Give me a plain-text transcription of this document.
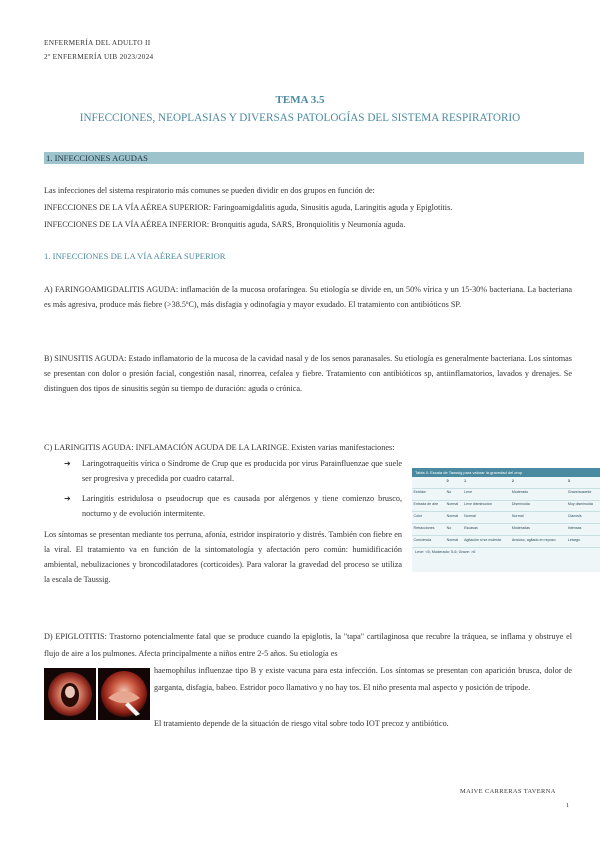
ENFERMERÍA DEL ADULTO II
2º ENFERMERÍA UIB 2023/2024
TEMA 3.5
INFECCIONES, NEOPLASIAS Y DIVERSAS PATOLOGÍAS DEL SISTEMA RESPIRATORIO
1. INFECCIONES AGUDAS
Las infecciones del sistema respiratorio más comunes se pueden dividir en dos grupos en función de:
INFECCIONES DE LA VÍA AÉREA SUPERIOR: Faringoamigdalitis aguda, Sinusitis aguda, Laringitis aguda y Epiglotitis.
INFECCIONES DE LA VÍA AÉREA INFERIOR: Bronquitis aguda, SARS, Bronquiolitis y Neumonía aguda.
1. INFECCIONES DE LA VÍA AÉREA SUPERIOR
A) FARINGOAMIGDALITIS AGUDA: inflamación de la mucosa orofaríngea. Su etiología se divide en, un 50% vírica y un 15-30% bacteriana. La bacteriana es más agresiva, produce más fiebre (>38.5ºC), más disfagia y odinofagia y mayor exudado. El tratamiento con antibióticos SP.
B) SINUSITIS AGUDA: Estado inflamatorio de la mucosa de la cavidad nasal y de los senos paranasales. Su etiología es generalmente bacteriana. Los síntomas se presentan con dolor o presión facial, congestión nasal, rinorrea, cefalea y fiebre. Tratamiento con antibióticos sp, antiinflamatorios, lavados y drenajes. Se distinguen dos tipos de sinusitis según su tiempo de duración: aguda o crónica.
C) LARINGITIS AGUDA: INFLAMACIÓN AGUDA DE LA LARINGE. Existen varias manifestaciones:
➜ Laringotraqueítis vírica o Síndrome de Crup que es producida por virus Parainfluenzae que suele ser progresiva y precedida por cuadro catarral.
➜ Laringitis estridulosa o pseudocrup que es causada por alérgenos y tiene comienzo brusco, nocturno y de evolución intermitente.
Los síntomas se presentan mediante tos perruna, afonía, estridor inspiratorio y distrés. También con fiebre en la viral. El tratamiento va en función de la sintomatología y afectación pero común: humidificación ambiental, nebulizaciones y broncodilatadores (corticoides). Para valorar la gravedad del proceso se utiliza la escala de Taussig.
Tabla II. Escala de Taussig para valorar la gravedad del crup
	0	1	2	3
Estridor	No	Leve	Moderado	Grave/ausente
Entrada de aire	Normal	Leve disminución	Disminuida	Muy disminuida
Color	Normal	Normal	Normal	Cianosis
Retracciones	No	Escasas	Moderadas	Intensas
Conciencia	Normal	Agitación si se molesta	Ansioso, agitado en reposo	Letargo
Leve: <5; Moderado: 5-6; Grave: >6
D) EPIGLOTITIS: Trastorno potencialmente fatal que se produce cuando la epiglotis, la "tapa" cartilaginosa que recubre la tráquea, se inflama y obstruye el flujo de aire a los pulmones. Afecta principalmente a niños entre 2-5 años. Su etiología es
haemophilus influenzae tipo B y existe vacuna para esta infección. Los síntomas se presentan con aparición brusca, dolor de garganta, disfagia, babeo. Estridor poco llamativo y no hay tos. El niño presenta mal aspecto y posición de trípode.
El tratamiento depende de la situación de riesgo vital sobre todo IOT precoz y antibiótico.
MAIVE CARRERAS TAVERNA
1
